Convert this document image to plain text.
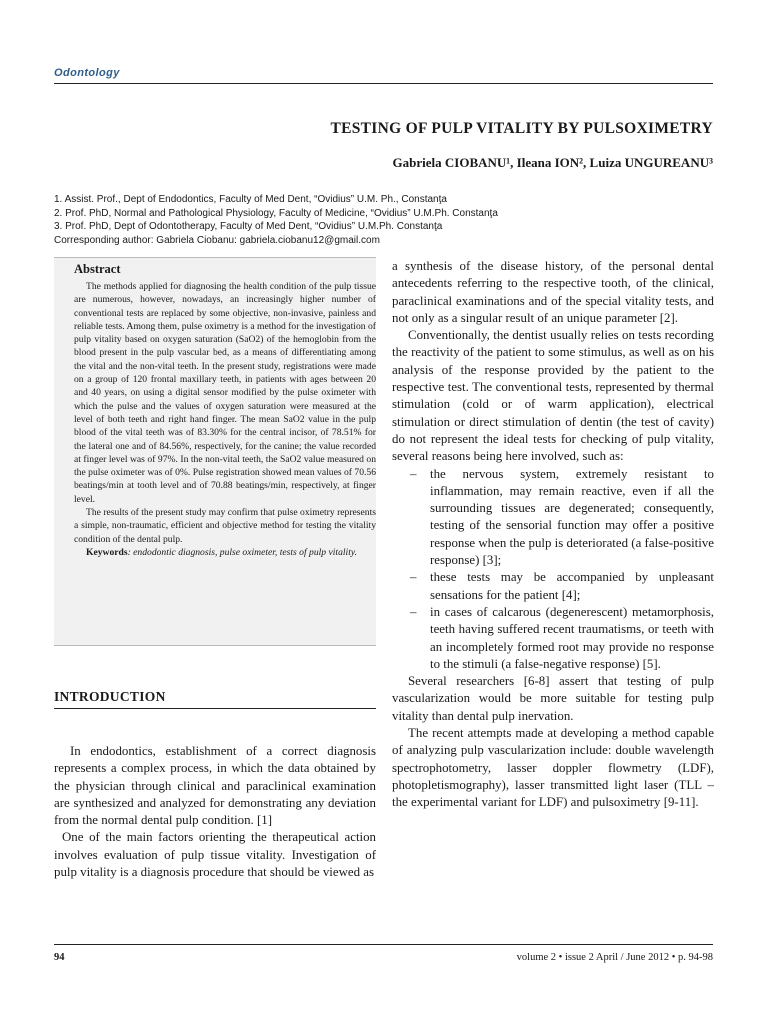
Odontology
TESTING OF PULP VITALITY BY PULSOXIMETRY
Gabriela CIOBANU¹, Ileana ION², Luiza UNGUREANU³
1. Assist. Prof., Dept of Endodontics, Faculty of Med Dent, “Ovidius” U.M. Ph., Constanţa
2. Prof. PhD, Normal and Pathological Physiology, Faculty of Medicine, “Ovidius” U.M.Ph. Constanţa
3. Prof. PhD, Dept of Odontotherapy, Faculty of Med Dent, “Ovidius” U.M.Ph. Constanţa
Corresponding author: Gabriela Ciobanu: gabriela.ciobanu12@gmail.com
Abstract

The methods applied for diagnosing the health condition of the pulp tissue are numerous, however, nowadays, an increasingly higher number of conventional tests are replaced by some objective, non-invasive, painless and reliable tests. Among them, pulse oximetry is a method for the investigation of pulp vitality based on oxygen saturation (SaO2) of the hemoglobin from the blood present in the pulp vascular bed, as a means of differentiating among the vital and the non-vital teeth. In the present study, registrations were made on a group of 120 frontal maxillary teeth, in patients with ages between 20 and 40 years, on using a digital sensor modified by the pulse oximeter with which the pulse and the values of oxygen saturation were measured at the level of both teeth and right hand finger. The mean SaO2 value in the pulp blood of the vital teeth was of 83.30% for the central incisor, of 78.51% for the lateral one and of 84.56%, respectively, for the canine; the value recorded at finger level was of 97%. In the non-vital teeth, the SaO2 value measured on the pulse oximeter was of 0%. Pulse registration showed mean values of 70.56 beatings/min at tooth level and of 70.88 beatings/min, respectively, at finger level.

The results of the present study may confirm that pulse oximetry represents a simple, non-traumatic, efficient and objective method for testing the vitality condition of the dental pulp.

Keywords: endodontic diagnosis, pulse oximeter, tests of pulp vitality.

INTRODUCTION

In endodontics, establishment of a correct diagnosis represents a complex process, in which the data obtained by the physician through clinical and paraclinical examination are synthesized and analyzed for demonstrating any deviation from the normal dental pulp condition. [1]

One of the main factors orienting the therapeutical action involves evaluation of pulp tissue vitality. Investigation of pulp vitality is a diagnosis procedure that should be viewed as

a synthesis of the disease history, of the personal dental antecedents referring to the respective tooth, of the clinical, paraclinical examinations and of the special vitality tests, and not only as a singular result of an unique parameter [2].

Conventionally, the dentist usually relies on tests recording the reactivity of the patient to some stimulus, as well as on his analysis of the response provided by the patient to the respective test. The conventional tests, represented by thermal stimulation (cold or of warm application), electrical stimulation or direct stimulation of dentin (the test of cavity) do not represent the ideal tests for checking of pulp vitality, several reasons being here involved, such as:

– the nervous system, extremely resistant to inflammation, may remain reactive, even if all the surrounding tissues are degenerated; consequently, testing of the sensorial function may offer a positive response when the pulp is deteriorated (a false-positive response) [3];
– these tests may be accompanied by unpleasant sensations for the patient [4];
– in cases of calcarous (degenerescent) metamorphosis, teeth having suffered recent traumatisms, or teeth with an incompletely formed root may provide no response to the stimuli (a false-negative response) [5].

Several researchers [6-8] assert that testing of pulp vascularization would be more suitable for testing pulp vitality than dental pulp inervation.

The recent attempts made at developing a method capable of analyzing pulp vascularization include: double wavelength spectrophotometry, lasser doppler flowmetry (LDF), photopletismography), lasser transmitted light laser (TLL – the experimental variant for LDF) and pulsoximetry [9-11].

94	volume 2 • issue 2 April / June 2012 • p. 94-98
